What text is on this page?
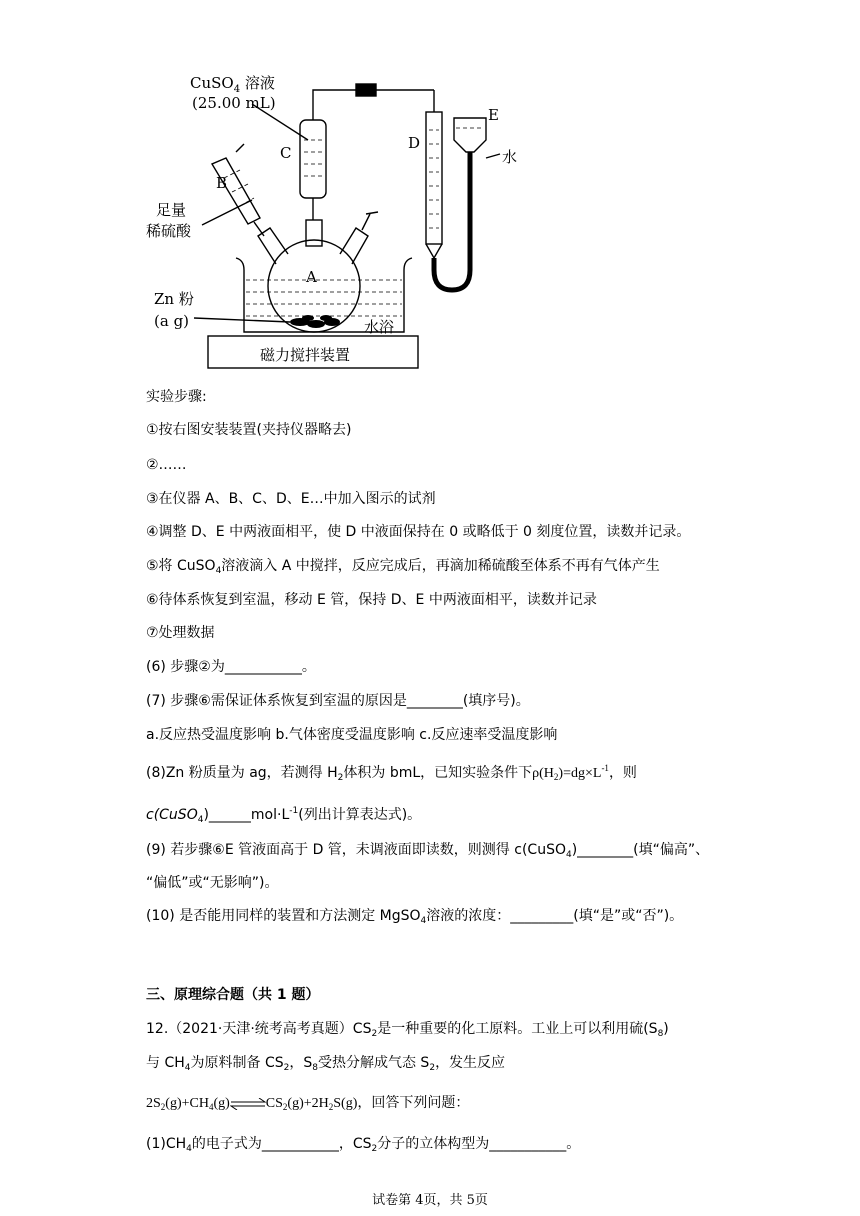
CuSO$_4$ 溶液
(25.00 mL)
B
C
D
E
水
A
足量
稀硫酸
Zn 粉
(a g)	水浴
磁力搅拌装置
实验步骤:
①按右图安装装置(夹持仪器略去)
②……
③在仪器 A、B、C、D、E…中加入图示的试剂
④调整 D、E 中两液面相平，使 D 中液面保持在 0 或略低于 0 刻度位置，读数并记录。
⑤将 CuSO$_4$溶液滴入 A 中搅拌，反应完成后，再滴加稀硫酸至体系不再有气体产生
⑥待体系恢复到室温，移动 E 管，保持 D、E 中两液面相平，读数并记录
⑦处理数据
(6) 步骤②为___________。
(7) 步骤⑥需保证体系恢复到室温的原因是________(填序号)。
a.反应热受温度影响 b.气体密度受温度影响 c.反应速率受温度影响
(8)Zn 粉质量为 ag，若测得 $H_2$体积为 bmL，已知实验条件下$\rho(H_2)=dg\times L^{-1}$，则
$c(CuSO_4)\_\_\_\_\_\_mol\cdot L^{-1}$(列出计算表达式)。
(9) 若步骤⑥E 管液面高于 D 管，未调液面即读数，则测得 c(CuSO$_4$)________(填“偏高”、
“偏低”或“无影响”)。
(10) 是否能用同样的装置和方法测定 MgSO$_4$溶液的浓度：_________(填“是”或“否”)。
三、原理综合题（共 1 题）
12.（2021·天津·统考高考真题）$CS_2$是一种重要的化工原料。工业上可以利用硫$(S_8)$
与 $CH_4$为原料制备 $CS_2$，$S_8$受热分解成气态 $S_2$，发生反应
$2S_2(g)+CH_4(g)\rightleftharpoons CS_2(g)+2H_2S(g)$，回答下列问题：
$(1)CH_4$的电子式为___________，$CS_2$分子的立体构型为___________。
试卷第 4页，共 5页
